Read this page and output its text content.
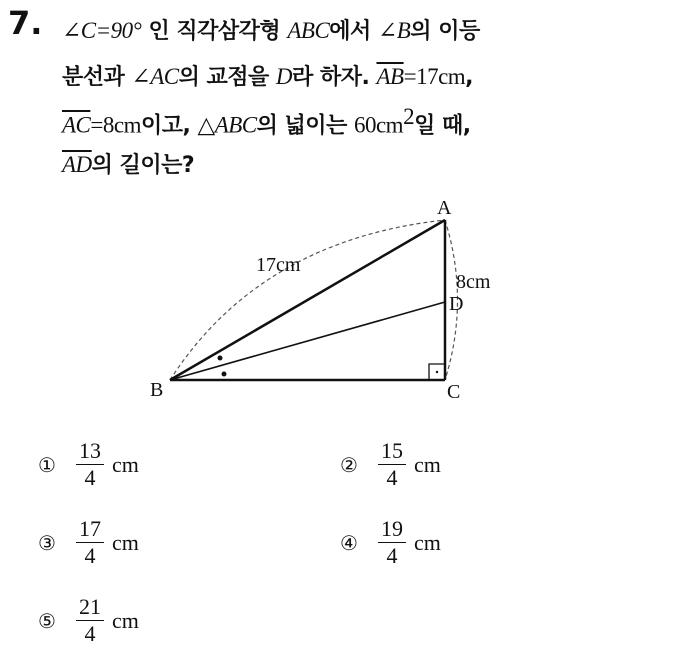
7. ∠C=90° 인 직각삼각형 ABC에서 ∠B의 이등
분선과 ∠AC의 교점을 D라 하자. $\overline{AB}=17cm$,
$\overline{AC}=8cm$이고, △ABC의 넓이는 $60cm^2$일 때,
$\overline{AD}$의 길이는?
A
B	C
D
17cm
8cm
① $\frac{13}{4}$ cm	② $\frac{15}{4}$ cm
③ $\frac{17}{4}$ cm	④ $\frac{19}{4}$ cm
⑤ $\frac{21}{4}$ cm
